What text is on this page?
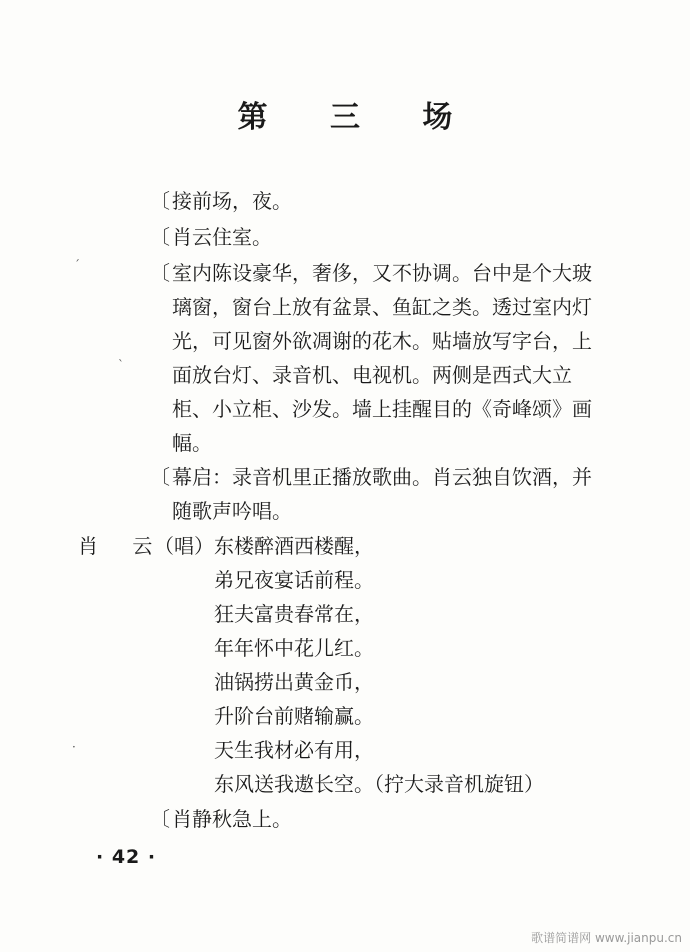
第 三 场
〔 接前场，夜。
〔 肖云住室。
〔 室内陈设豪华，奢侈，又不协调。台中是个大玻
璃窗，窗台上放有盆景、鱼缸之类。透过室内灯
光，可见窗外欲凋谢的花木。贴墙放写字台，上
面放台灯、录音机、电视机。两侧是西式大立
柜、小立柜、沙发。墙上挂醒目的《奇峰颂》画
幅。
〔 幕启：录音机里正播放歌曲。肖云独自饮酒，并
随歌声吟唱。
肖 云
（唱）东楼醉酒西楼醒，
弟兄夜宴话前程。
狂夫富贵春常在，
年年怀中花儿红。
油锅捞出黄金币，
升阶台前赌输赢。
天生我材必有用，
东风送我遨长空。（拧大录音机旋钮）
〔 肖静秋急上。
· 42 ·
ˊ
ˋ
·
歌谱简谱网 www.jianpu.cn
